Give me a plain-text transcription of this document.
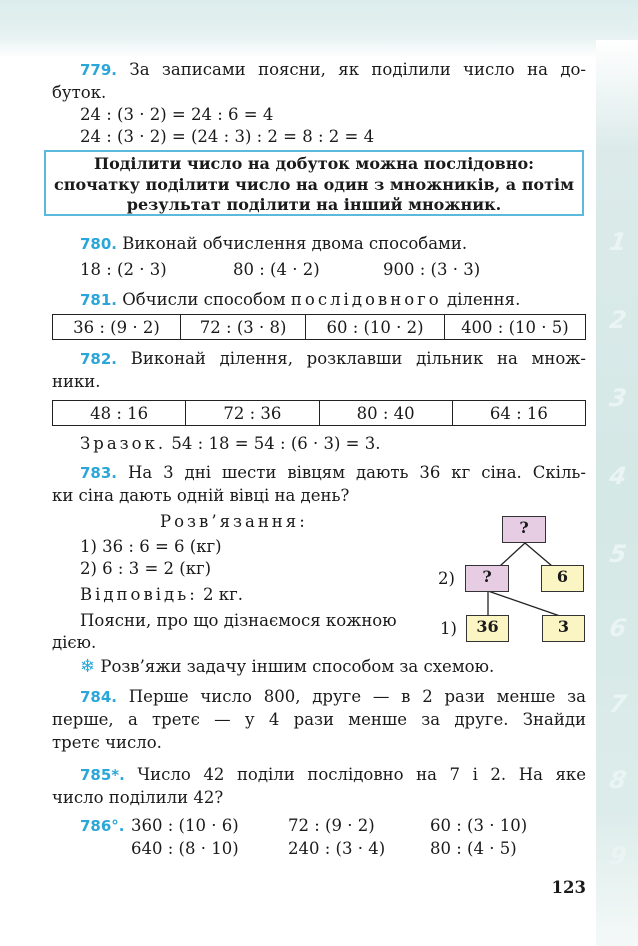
1
2
3
4
5
6
7
8
9
779. За записами поясни, як поділили число на до-
буток.
24 : (3 · 2) = 24 : 6 = 4
24 : (3 · 2) = (24 : 3) : 2 = 8 : 2 = 4
Поділити число на добуток можна послідовно:
спочатку поділити число на один з множників, а потім
результат поділити на інший множник.
780. Виконай обчислення двома способами.
18 : (2 · 3)	80 : (4 · 2)	900 : (3 · 3)
781. Обчисли способом послідовного ділення.
36 : (9 · 2)	72 : (3 · 8)	60 : (10 · 2)	400 : (10 · 5)
782. Виконай ділення, розклавши дільник на множ-
ники.
48 : 16	72 : 36	80 : 40	64 : 16
Зразок. 54 : 18 = 54 : (6 · 3) = 3.
783. На 3 дні шести вівцям дають 36 кг сіна. Скіль-
ки сіна дають одній вівці на день?
Розв’язання:
1) 36 : 6 = 6 (кг)
2) 6 : 3 = 2 (кг)
Відповідь: 2 кг.
Поясни, про що дізнаємося кожною
дією.
?
2)	?	6
1)	36	3
❄ Розв’яжи задачу іншим способом за схемою.
784. Перше число 800, друге — в 2 рази менше за
перше, а третє — у 4 рази менше за друге. Знайди
третє число.
785*. Число 42 поділи послідовно на 7 і 2. На яке
число поділили 42?
786°. 360 : (10 · 6)	72 : (9 · 2)	60 : (3 · 10)
640 : (8 · 10)	240 : (3 · 4)	80 : (4 · 5)
123
